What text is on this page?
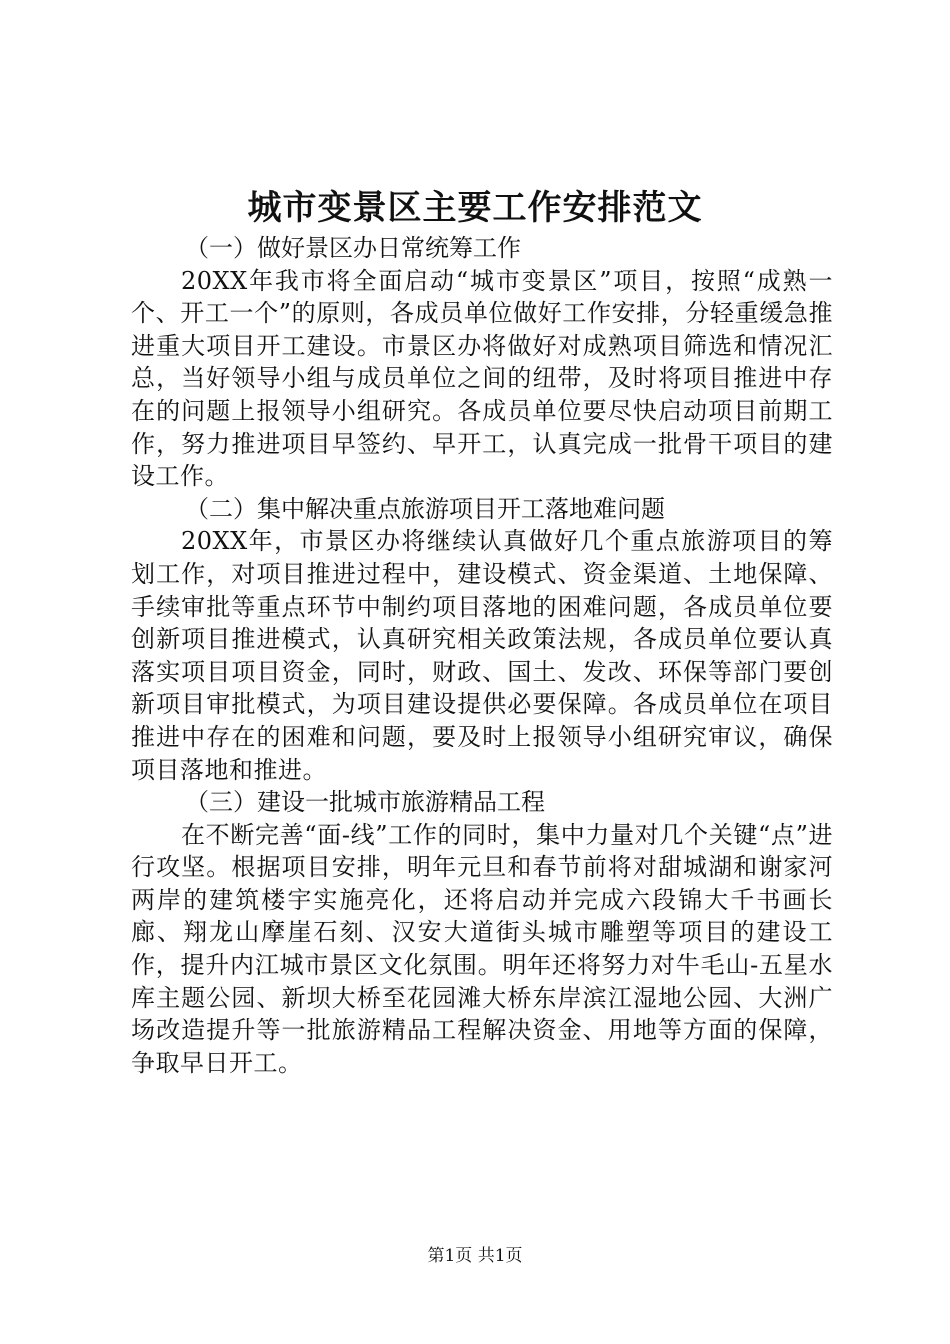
城市变景区主要工作安排范文

（一）做好景区办日常统筹工作

20XX年我市将全面启动“城市变景区”项目，按照“成熟一个、开工一个”的原则，各成员单位做好工作安排，分轻重缓急推进重大项目开工建设。市景区办将做好对成熟项目筛选和情况汇总，当好领导小组与成员单位之间的纽带，及时将项目推进中存在的问题上报领导小组研究。各成员单位要尽快启动项目前期工作，努力推进项目早签约、早开工，认真完成一批骨干项目的建设工作。

（二）集中解决重点旅游项目开工落地难问题

20XX年，市景区办将继续认真做好几个重点旅游项目的筹划工作，对项目推进过程中，建设模式、资金渠道、土地保障、手续审批等重点环节中制约项目落地的困难问题，各成员单位要创新项目推进模式，认真研究相关政策法规，各成员单位要认真落实项目项目资金，同时，财政、国土、发改、环保等部门要创新项目审批模式，为项目建设提供必要保障。各成员单位在项目推进中存在的困难和问题，要及时上报领导小组研究审议，确保项目落地和推进。

（三）建设一批城市旅游精品工程

在不断完善“面-线”工作的同时，集中力量对几个关键“点”进行攻坚。根据项目安排，明年元旦和春节前将对甜城湖和谢家河两岸的建筑楼宇实施亮化，还将启动并完成六段锦大千书画长廊、翔龙山摩崖石刻、汉安大道街头城市雕塑等项目的建设工作，提升内江城市景区文化氛围。明年还将努力对牛毛山-五星水库主题公园、新坝大桥至花园滩大桥东岸滨江湿地公园、大洲广场改造提升等一批旅游精品工程解决资金、用地等方面的保障，争取早日开工。

第1页 共1页
